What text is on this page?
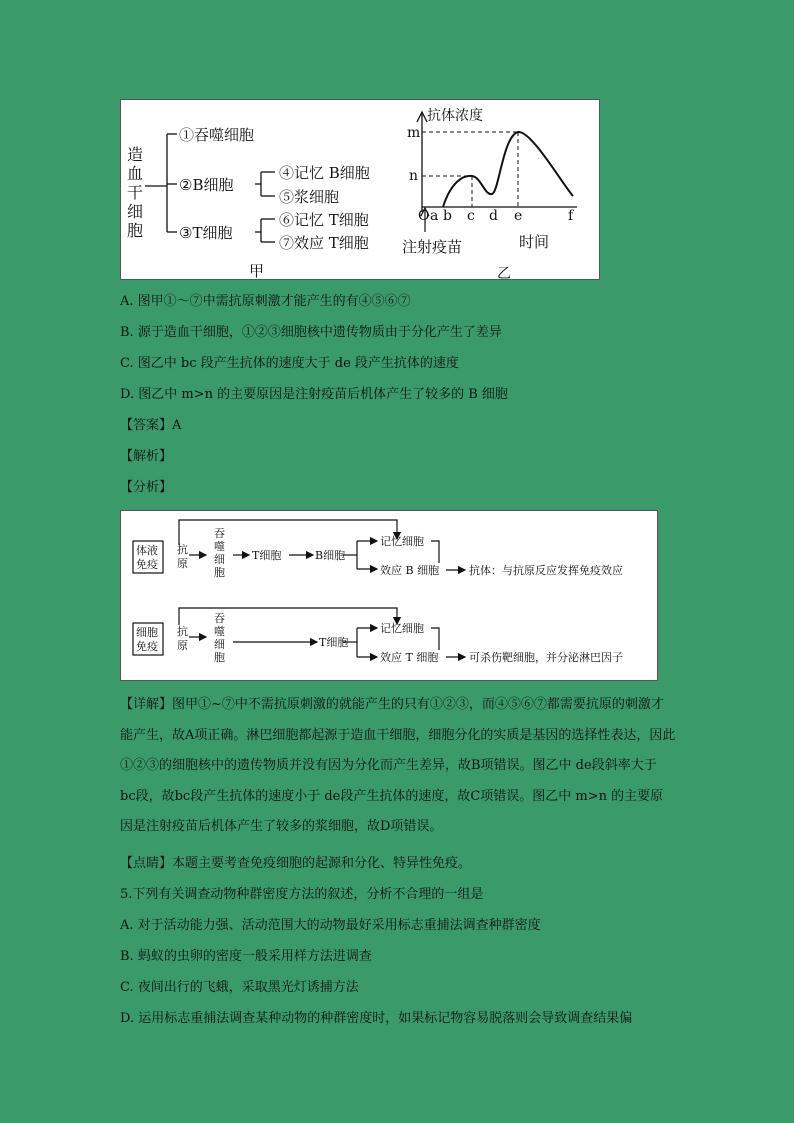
造
血
干
细
胞
①吞噬细胞
②B细胞
④记忆 B细胞
⑤浆细胞
③T细胞
⑥记忆 T细胞
⑦效应 T细胞
甲
抗体浓度
m
n
O a b c d e	f
注射疫苗	时间
乙
A. 图甲①～⑦中需抗原刺激才能产生的有④⑤⑥⑦
B. 源于造血干细胞，①②③细胞核中遗传物质由于分化产生了差异
C. 图乙中 bc 段产生抗体的速度大于 de 段产生抗体的速度
D. 图乙中 m>n 的主要原因是注射疫苗后机体产生了较多的 B 细胞
【答案】A
【解析】
【分析】
体液
免疫
抗
原
吞
噬
细
胞
T细胞	B细胞
记忆细胞
效应 B 细胞	抗体：与抗原反应发挥免疫效应
细胞
免疫
抗
原
吞
噬
细
胞
T细胞
记忆细胞
效应 T 细胞	可杀伤靶细胞，并分泌淋巴因子
【详解】图甲①~⑦中不需抗原刺激的就能产生的只有①②③，而④⑤⑥⑦都需要抗原的刺激才能产生，故A项正确。淋巴细胞都起源于造血干细胞，细胞分化的实质是基因的选择性表达，因此①②③的细胞核中的遗传物质并没有因为分化而产生差异，故B项错误。图乙中 de段斜率大于 bc段，故bc段产生抗体的速度小于 de段产生抗体的速度，故C项错误。图乙中 m>n 的主要原因是注射疫苗后机体产生了较多的浆细胞，故D项错误。
【点睛】本题主要考查免疫细胞的起源和分化、特异性免疫。
5.下列有关调查动物种群密度方法的叙述，分析不合理的一组是
A. 对于活动能力强、活动范围大的动物最好采用标志重捕法调查种群密度
B. 蚂蚁的虫卵的密度一般采用样方法进调查
C. 夜间出行的飞蛾，采取黑光灯诱捕方法
D. 运用标志重捕法调查某种动物的种群密度时，如果标记物容易脱落则会导致调查结果偏
